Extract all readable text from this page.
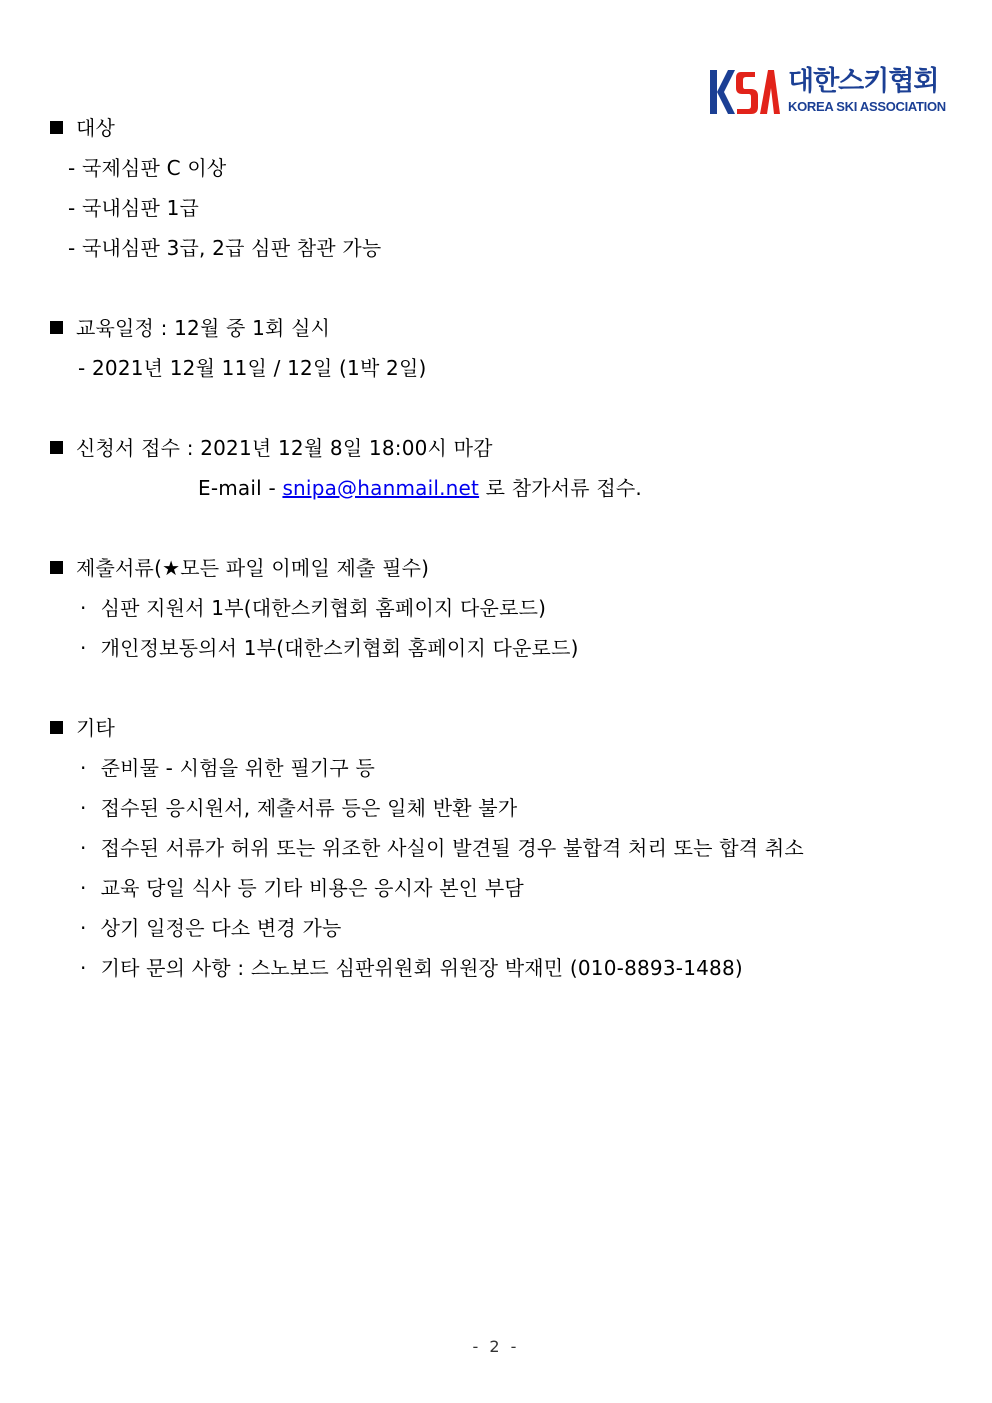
대한스키협회
KOREA SKI ASSOCIATION
대상
- 국제심판 C 이상
- 국내심판 1급
- 국내심판 3급, 2급 심판 참관 가능
교육일정 : 12월 중 1회 실시
- 2021년 12월 11일 / 12일 (1박 2일)
신청서 접수 : 2021년 12월 8일 18:00시 마감
E-mail - snipa@hanmail.net 로 참가서류 접수.
제출서류(★모든 파일 이메일 제출 필수)
· 심판 지원서 1부(대한스키협회 홈페이지 다운로드)
· 개인정보동의서 1부(대한스키협회 홈페이지 다운로드)
기타
· 준비물 - 시험을 위한 필기구 등
· 접수된 응시원서, 제출서류 등은 일체 반환 불가
· 접수된 서류가 허위 또는 위조한 사실이 발견될 경우 불합격 처리 또는 합격 취소
· 교육 당일 식사 등 기타 비용은 응시자 본인 부담
· 상기 일정은 다소 변경 가능
· 기타 문의 사항 : 스노보드 심판위원회 위원장 박재민 (010-8893-1488)
- 2 -
